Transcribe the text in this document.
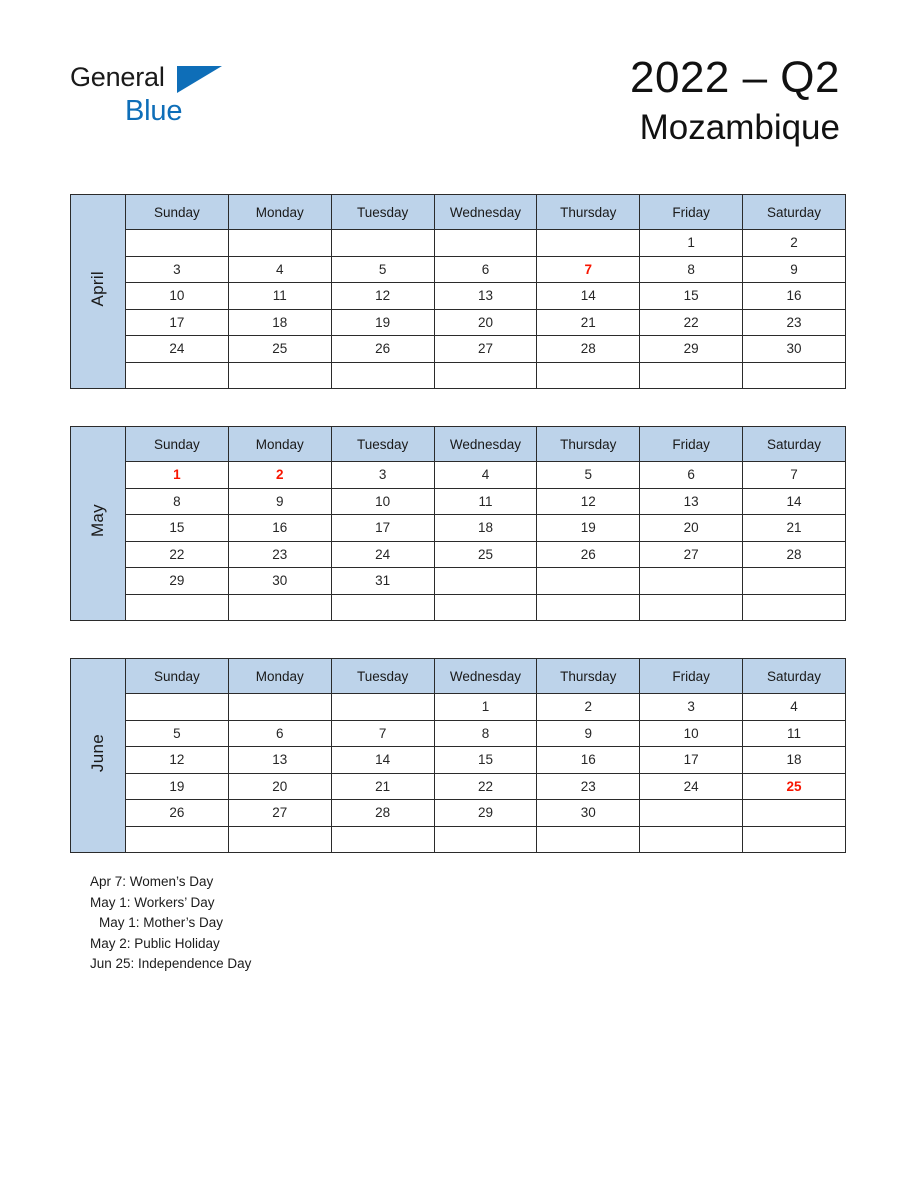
General
Blue
2022 – Q2
Mozambique
April	Sunday	Monday	Tuesday	Wednesday	Thursday	Friday	Saturday
						1	2
	3	4	5	6	7	8	9
	10	11	12	13	14	15	16
	17	18	19	20	21	22	23
	24	25	26	27	28	29	30

May	Sunday	Monday	Tuesday	Wednesday	Thursday	Friday	Saturday
	1	2	3	4	5	6	7
	8	9	10	11	12	13	14
	15	16	17	18	19	20	21
	22	23	24	25	26	27	28
	29	30	31				

June	Sunday	Monday	Tuesday	Wednesday	Thursday	Friday	Saturday
				1	2	3	4
	5	6	7	8	9	10	11
	12	13	14	15	16	17	18
	19	20	21	22	23	24	25
	26	27	28	29	30		

Apr 7: Women’s Day
May 1: Workers’ Day
May 1: Mother’s Day
May 2: Public Holiday
Jun 25: Independence Day
